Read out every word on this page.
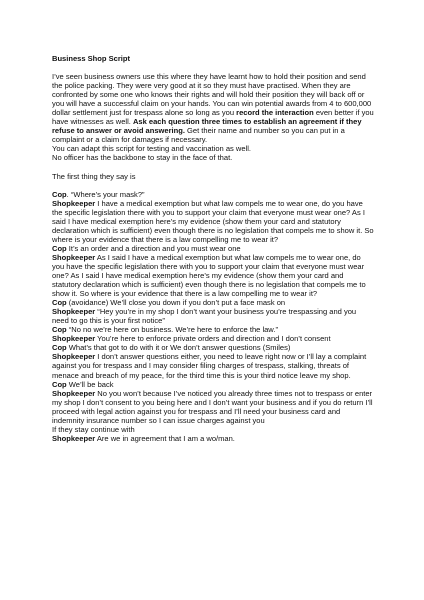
Business Shop Script
I’ve seen business owners use this where they have learnt how to hold their position and send the police packing. They were very good at it so they must have practised. When they are confronted by some one who knows their rights and will hold their position they will back off or you will have a successful claim on your hands. You can win potential awards from 4 to 600,000 dollar settlement just for trespass alone so long as you record the interaction even better if you have witnesses as well. Ask each question three times to establish an agreement if they refuse to answer or avoid answering. Get their name and number so you can put in a complaint or a claim for damages if necessary.
You can adapt this script for testing and vaccination as well.
No officer has the backbone to stay in the face of that.
The first thing they say is
Cop. “Where’s your mask?”
Shopkeeper I have a medical exemption but what law compels me to wear one, do you have the specific legislation there with you to support your claim that everyone must wear one? As I said I have medical exemption here’s my evidence (show them your card and statutory declaration which is sufficient) even though there is no legislation that compels me to show it. So where is your evidence that there is a law compelling me to wear it?
Cop It’s an order and a direction and you must wear one
Shopkeeper As I said I have a medical exemption but what law compels me to wear one, do you have the specific legislation there with you to support your claim that everyone must wear one? As I said I have medical exemption here’s my evidence (show them your card and statutory declaration which is sufficient) even though there is no legislation that compels me to show it. So where is your evidence that there is a law compelling me to wear it?
Cop (avoidance) We’ll close you down if you don’t put a face mask on
Shopkeeper “Hey you’re in my shop I don’t want your business you’re trespassing and you need to go this is your first notice”
Cop “No no we’re here on business. We’re here to enforce the law.”
Shopkeeper You’re here to enforce private orders and direction and I don’t consent
Cop What’s that got to do with it or We don’t answer questions (Smiles)
Shopkeeper I don’t answer questions either, you need to leave right now or I’ll lay a complaint against you for trespass and I may consider filing charges of trespass, stalking, threats of menace and breach of my peace, for the third time this is your third notice leave my shop.
Cop We’ll be back
Shopkeeper No you won’t because I’ve noticed you already three times not to trespass or enter my shop I don’t consent to you being here and I don’t want your business and if you do return I’ll proceed with legal action against you for trespass and I’ll need your business card and indemnity insurance number so I can issue charges against you
If they stay continue with
Shopkeeper Are we in agreement that I am a wo/man.
